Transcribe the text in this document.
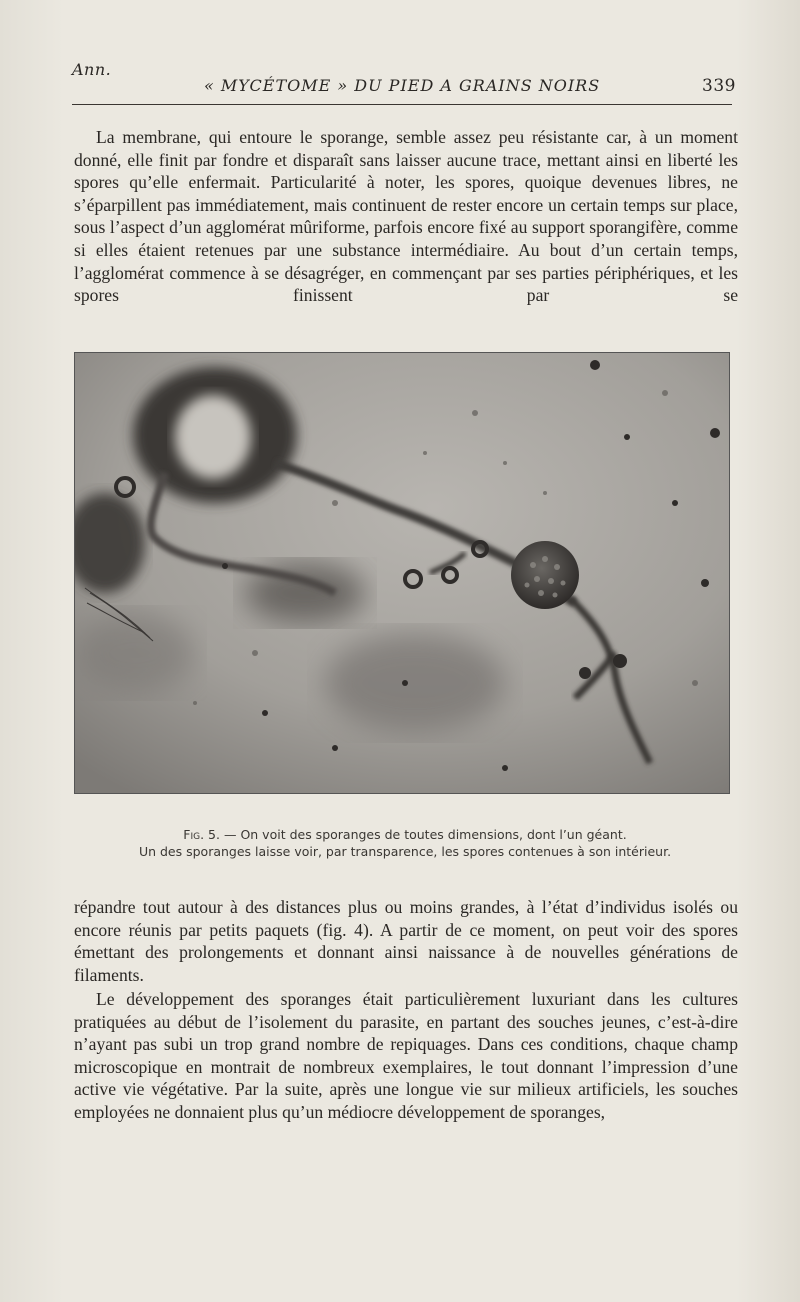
Ann.
« MYCÉTOME » DU PIED A GRAINS NOIRS	339

La membrane, qui entoure le sporange, semble assez peu résistante car, à un moment donné, elle finit par fondre et disparaît sans laisser aucune trace, mettant ainsi en liberté les spores qu’elle enfermait. Particularité à noter, les spores, quoique devenues libres, ne s’éparpillent pas immédiatement, mais continuent de rester encore un certain temps sur place, sous l’aspect d’un agglomérat mûriforme, parfois encore fixé au support sporangifère, comme si elles étaient retenues par une substance intermédiaire. Au bout d’un certain temps, l’agglomérat commence à se désagréger, en commençant par ses parties périphériques, et les spores finissent par se

Fig. 5. — On voit des sporanges de toutes dimensions, dont l’un géant.
Un des sporanges laisse voir, par transparence, les spores contenues à son intérieur.

répandre tout autour à des distances plus ou moins grandes, à l’état d’individus isolés ou encore réunis par petits paquets (fig. 4). A partir de ce moment, on peut voir des spores émettant des prolongements et donnant ainsi naissance à de nouvelles générations de filaments.

Le développement des sporanges était particulièrement luxuriant dans les cultures pratiquées au début de l’isolement du parasite, en partant des souches jeunes, c’est-à-dire n’ayant pas subi un trop grand nombre de repiquages. Dans ces conditions, chaque champ microscopique en montrait de nombreux exemplaires, le tout donnant l’impression d’une active vie végétative. Par la suite, après une longue vie sur milieux artificiels, les souches employées ne donnaient plus qu’un médiocre développement de sporanges,
